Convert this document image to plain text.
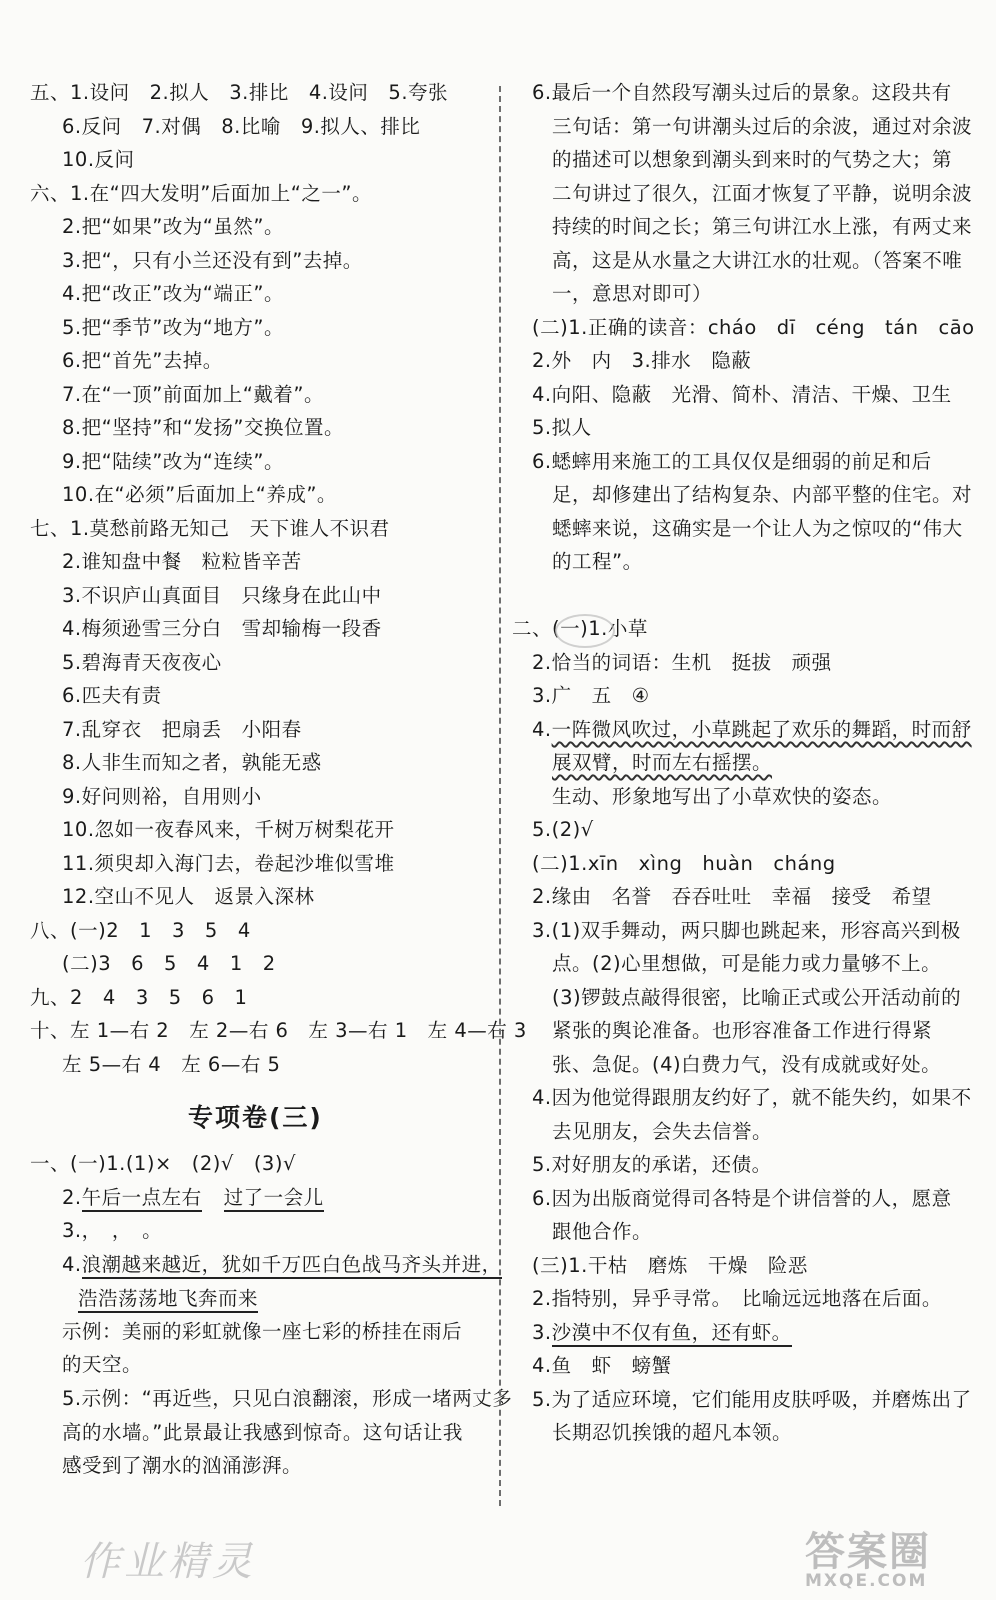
五、1.设问　2.拟人　3.排比　4.设问　5.夸张
6.反问　7.对偶　8.比喻　9.拟人、排比
10.反问
六、1.在“四大发明”后面加上“之一”。
2.把“如果”改为“虽然”。
3.把“，只有小兰还没有到”去掉。
4.把“改正”改为“端正”。
5.把“季节”改为“地方”。
6.把“首先”去掉。
7.在“一顶”前面加上“戴着”。
8.把“坚持”和“发扬”交换位置。
9.把“陆续”改为“连续”。
10.在“必须”后面加上“养成”。
七、1.莫愁前路无知己　天下谁人不识君
2.谁知盘中餐　粒粒皆辛苦
3.不识庐山真面目　只缘身在此山中
4.梅须逊雪三分白　雪却输梅一段香
5.碧海青天夜夜心
6.匹夫有责
7.乱穿衣　把扇丢　小阳春
8.人非生而知之者，孰能无惑
9.好问则裕，自用则小
10.忽如一夜春风来，千树万树梨花开
11.须臾却入海门去，卷起沙堆似雪堆
12.空山不见人　返景入深林
八、(一)2　1　3　5　4
(二)3　6　5　4　1　2
九、2　4　3　5　6　1
十、左 1—右 2　左 2—右 6　左 3—右 1　左 4—右 3
左 5—右 4　左 6—右 5
一、(一)1.(1)×　(2)√　(3)√
3.，　，　。
示例：美丽的彩虹就像一座七彩的桥挂在雨后
的天空。
5.示例：“再近些，只见白浪翻滚，形成一堵两丈多
高的水墙。”此景最让我感到惊奇。这句话让我
感受到了潮水的汹涌澎湃。
6.最后一个自然段写潮头过后的景象。这段共有
三句话：第一句讲潮头过后的余波，通过对余波
的描述可以想象到潮头到来时的气势之大；第
二句讲过了很久，江面才恢复了平静，说明余波
持续的时间之长；第三句讲江水上涨，有两丈来
高，这是从水量之大讲江水的壮观。（答案不唯
一，意思对即可）
(二)1.正确的读音：cháo　dī　céng　tán　cāo
2.外　内　3.排水　隐蔽
4.向阳、隐蔽　光滑、简朴、清洁、干燥、卫生
5.拟人
6.蟋蟀用来施工的工具仅仅是细弱的前足和后
足，却修建出了结构复杂、内部平整的住宅。对
蟋蟀来说，这确实是一个让人为之惊叹的“伟大
的工程”。
二、(一)1.小草
2.恰当的词语：生机　挺拔　顽强
3.广　五　④
生动、形象地写出了小草欢快的姿态。
5.(2)√
(二)1.xīn　xìng　huàn　cháng
2.缘由　名誉　吞吞吐吐　幸福　接受　希望
3.(1)双手舞动，两只脚也跳起来，形容高兴到极
点。(2)心里想做，可是能力或力量够不上。
(3)锣鼓点敲得很密，比喻正式或公开活动前的
紧张的舆论准备。也形容准备工作进行得紧
张、急促。(4)白费力气，没有成就或好处。
4.因为他觉得跟朋友约好了，就不能失约，如果不
去见朋友，会失去信誉。
5.对好朋友的承诺，还债。
6.因为出版商觉得司各特是个讲信誉的人，愿意
跟他合作。
(三)1.干枯　磨炼　干燥　险恶
2.指特别，异乎寻常。　比喻远远地落在后面。
4.鱼　虾　螃蟹
5.为了适应环境，它们能用皮肤呼吸，并磨炼出了
长期忍饥挨饿的超凡本领。
2.午后一点左右 过了一会儿
4.浪潮越来越近，犹如千万匹白色战马齐头并进，
浩浩荡荡地飞奔而来
专项卷(三)
4.一阵微风吹过，小草跳起了欢乐的舞蹈，时而舒
展双臂，时而左右摇摆。
3.沙漠中不仅有鱼，还有虾。
作业精灵	答案圈
MXQE.COM
